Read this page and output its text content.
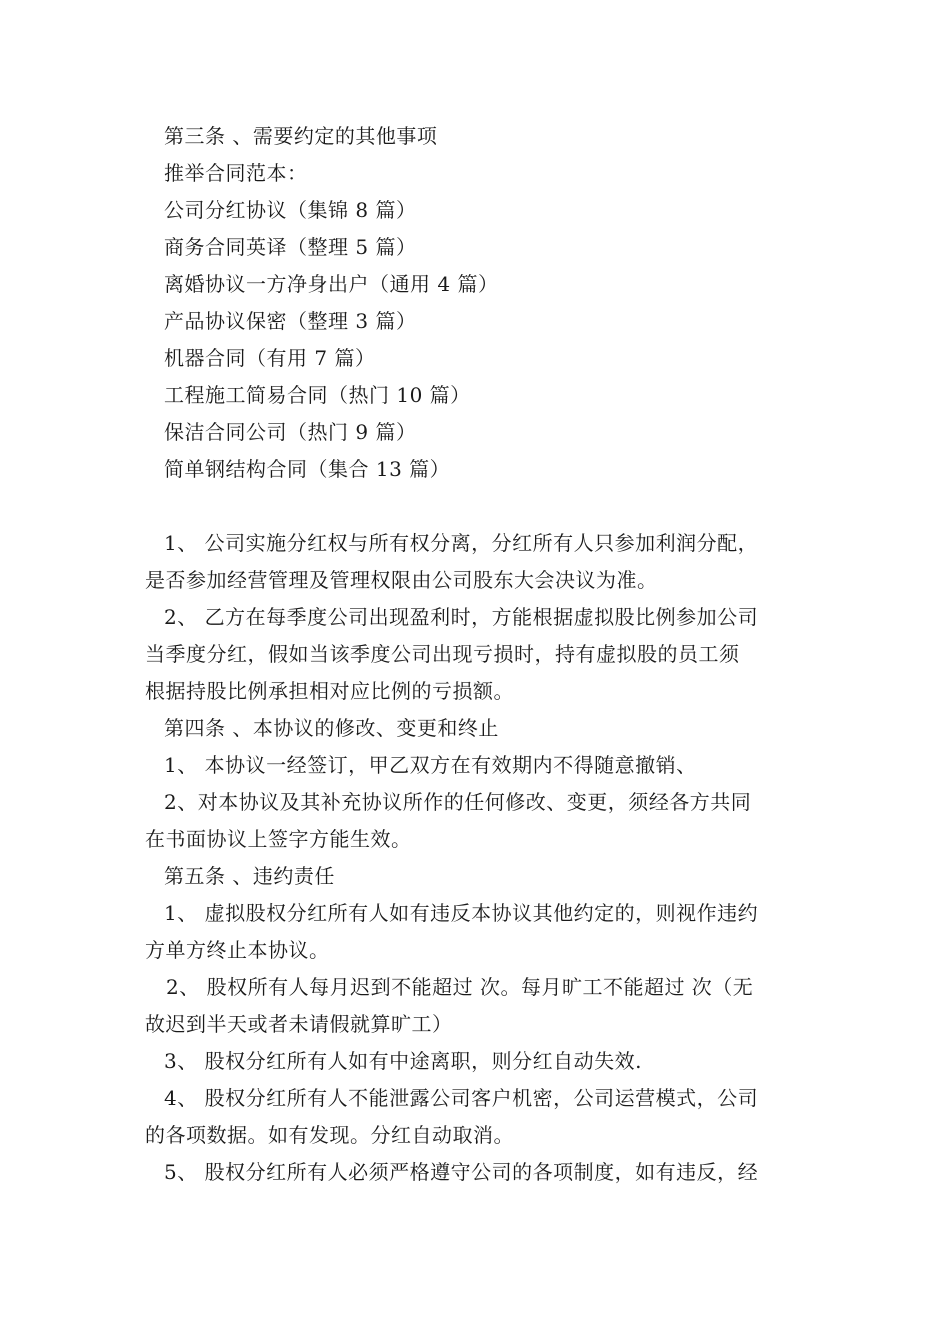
第三条 、需要约定的其他事项
推举合同范本：
公司分红协议（集锦 8 篇）
商务合同英译（整理 5 篇）
离婚协议一方净身出户（通用 4 篇）
产品协议保密（整理 3 篇）
机器合同（有用 7 篇）
工程施工简易合同（热门 10 篇）
保洁合同公司（热门 9 篇）
简单钢结构合同（集合 13 篇）
1、 公司实施分红权与所有权分离，分红所有人只参加利润分配，
是否参加经营管理及管理权限由公司股东大会决议为准。
2、 乙方在每季度公司出现盈利时，方能根据虚拟股比例参加公司
当季度分红，假如当该季度公司出现亏损时，持有虚拟股的员工须
根据持股比例承担相对应比例的亏损额。
第四条 、本协议的修改、变更和终止
1、 本协议一经签订，甲乙双方在有效期内不得随意撤销、
2、对本协议及其补充协议所作的任何修改、变更，须经各方共同
在书面协议上签字方能生效。
第五条 、违约责任
1、 虚拟股权分红所有人如有违反本协议其他约定的，则视作违约
方单方终止本协议。
2、 股权所有人每月迟到不能超过 次。每月旷工不能超过 次（无
故迟到半天或者未请假就算旷工）
3、 股权分红所有人如有中途离职，则分红自动失效.
4、 股权分红所有人不能泄露公司客户机密，公司运营模式，公司
的各项数据。如有发现。分红自动取消。
5、 股权分红所有人必须严格遵守公司的各项制度，如有违反，经
